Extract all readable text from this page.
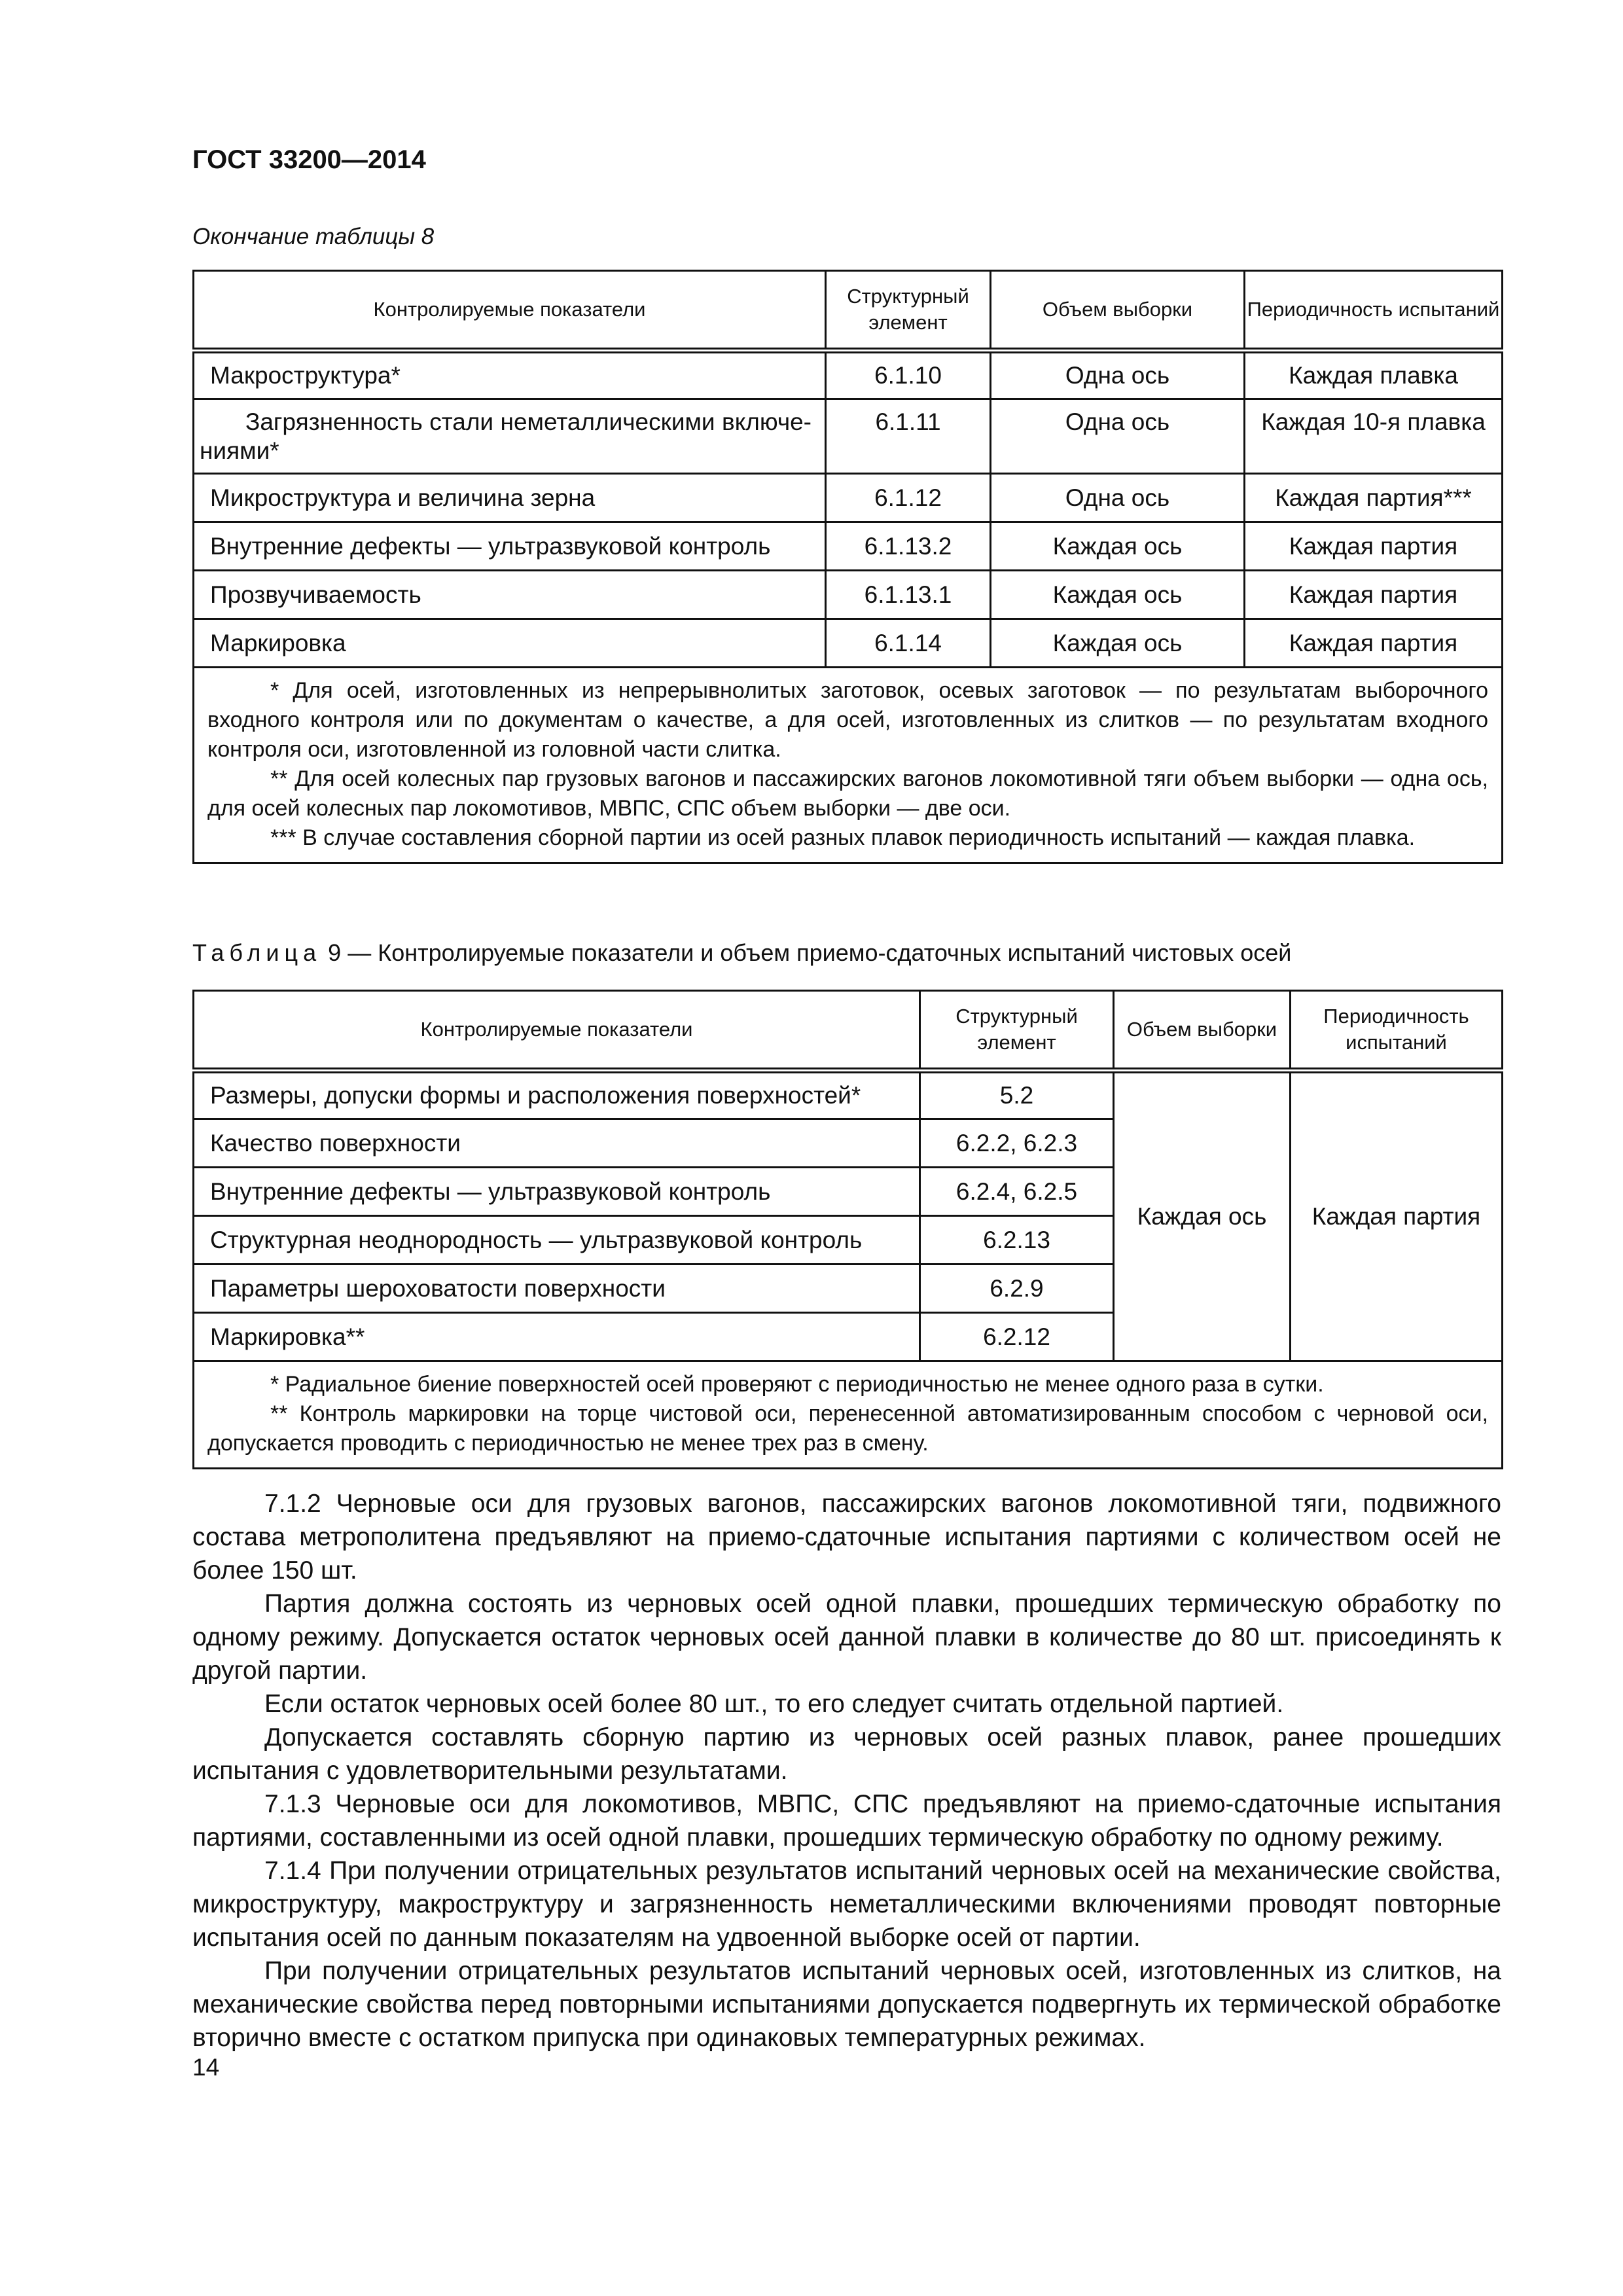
ГОСТ 33200—2014
Окончание таблицы 8
Контролируемые показатели	Структурный элемент	Объем выборки	Периодичность испытаний
Макроструктура*	6.1.10	Одна ось	Каждая плавка
Загрязненность стали неметаллическими включе-ниями*	6.1.11	Одна ось	Каждая 10-я плавка
Микроструктура и величина зерна	6.1.12	Одна ось	Каждая партия***
Внутренние дефекты — ультразвуковой контроль	6.1.13.2	Каждая ось	Каждая партия
Прозвучиваемость	6.1.13.1	Каждая ось	Каждая партия
Маркировка	6.1.14	Каждая ось	Каждая партия

* Для осей, изготовленных из непрерывнолитых заготовок, осевых заготовок — по результатам выборочного входного контроля или по документам о качестве, а для осей, изготовленных из слитков — по результатам входного контроля оси, изготовленной из головной части слитка.

** Для осей колесных пар грузовых вагонов и пассажирских вагонов локомотивной тяги объем выборки — одна ось, для осей колесных пар локомотивов, МВПС, СПС объем выборки — две оси.

*** В случае составления сборной партии из осей разных плавок периодичность испытаний — каждая плавка.			

Таблица 9 — Контролируемые показатели и объем приемо-сдаточных испытаний чистовых осей
Контролируемые показатели	Структурный элемент	Объем выборки	Периодичность испытаний
Размеры, допуски формы и расположения поверхностей*	5.2	Каждая ось	Каждая партия
Качество поверхности	6.2.2, 6.2.3		
Внутренние дефекты — ультразвуковой контроль	6.2.4, 6.2.5		
Структурная неоднородность — ультразвуковой контроль	6.2.13		
Параметры шероховатости поверхности	6.2.9		
Маркировка**	6.2.12		

* Радиальное биение поверхностей осей проверяют с периодичностью не менее одного раза в сутки.

** Контроль маркировки на торце чистовой оси, перенесенной автоматизированным способом с черновой оси, допускается проводить с периодичностью не менее трех раз в смену.			

7.1.2 Черновые оси для грузовых вагонов, пассажирских вагонов локомотивной тяги, подвижного состава метрополитена предъявляют на приемо-сдаточные испытания партиями с количеством осей не более 150 шт.

Партия должна состоять из черновых осей одной плавки, прошедших термическую обработку по одному режиму. Допускается остаток черновых осей данной плавки в количестве до 80 шт. присоединять к другой партии.

Если остаток черновых осей более 80 шт., то его следует считать отдельной партией.

Допускается составлять сборную партию из черновых осей разных плавок, ранее прошедших испытания с удовлетворительными результатами.

7.1.3 Черновые оси для локомотивов, МВПС, СПС предъявляют на приемо-сдаточные испытания партиями, составленными из осей одной плавки, прошедших термическую обработку по одному режиму.

7.1.4 При получении отрицательных результатов испытаний черновых осей на механические свойства, микроструктуру, макроструктуру и загрязненность неметаллическими включениями проводят повторные испытания осей по данным показателям на удвоенной выборке осей от партии.

При получении отрицательных результатов испытаний черновых осей, изготовленных из слитков, на механические свойства перед повторными испытаниями допускается подвергнуть их термической обработке вторично вместе с остатком припуска при одинаковых температурных режимах.

14
